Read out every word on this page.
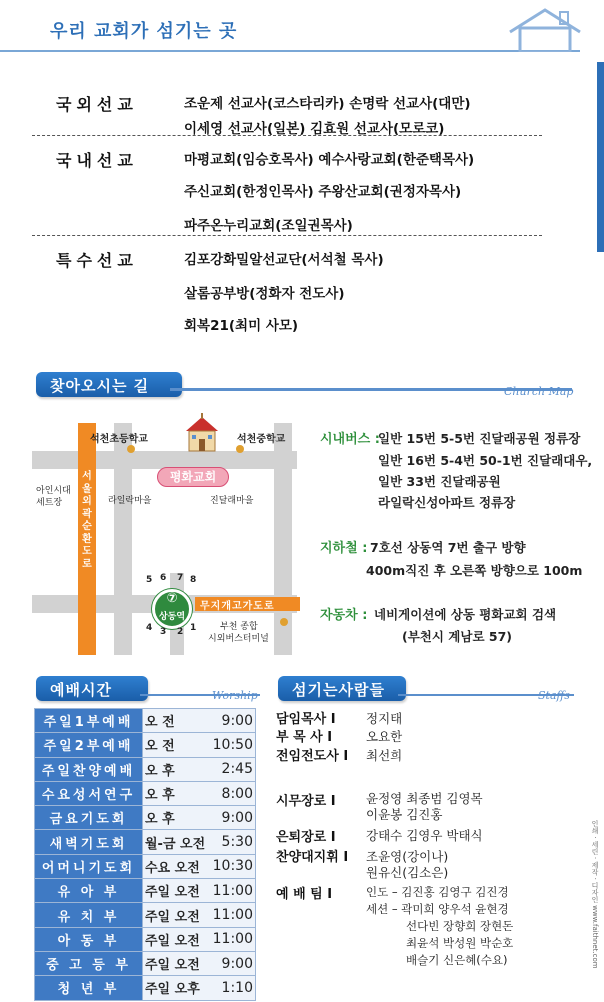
우리 교회가 섬기는 곳
국외선교	조운제 선교사(코스타리카) 손명락 선교사(대만)
이세영 선교사(일본) 김효원 선교사(모로코)
국내선교	마평교회(임승호목사) 예수사랑교회(한준택목사)
주신교회(한정인목사) 주왕산교회(권정자목사)
파주온누리교회(조일권목사)
특수선교	김포강화밀알선교단(서석철 목사)
살롬공부방(정화자 전도사)
회복21(최미 사모)
찾아오시는 길	Church Map
서울외곽순환도로
무지개고가도로
평화교회
석천초등학교	석천중학교
아인시대
세트장	라일락마을	진달래마을
⑦
상동역
5 6 7 8
4 3 2 1	부천 종합
시외버스터미널
시내버스 :
일반 15번 5-5번 진달래공원 정류장
일반 16번 5-4번 50-1번 진달래대우,
일반 33번 진달래공원
라일락신성아파트 정류장
지하철 : 7호선 상동역 7번 출구 방향
400m직진 후 오른쪽 방향으로 100m
자동차 : 네비게이션에 상동 평화교회 검색
(부천시 계남로 57)
예배시간	Worship
주일1부예배	오 전 9:00

주일2부예배	오 전 10:50

주일찬양예배	오 후 2:45

수요성서연구	오 후 8:00

금요기도회	오 후 9:00

새벽기도회	월-금 오전 5:30

어머니기도회	수요 오전 10:30

유 아 부	주일 오전 11:00

유 치 부	주일 오전 11:00

아 동 부	주일 오전 11:00

중 고 등 부	주일 오전 9:00

청 년 부	주일 오후 1:10
섬기는사람들	Staffs
담임목사 I 정지태
부 목 사 I	오요한
전임전도사 I 최선희
시무장로 I 윤정영 최종범 김영목
이윤봉 김진홍
은퇴장로 I 강태수 김영우 박태식
찬양대지휘 I 조윤영(강이나)
원유신(김소은)
예 배 팀 I	인도 – 김진홍 김영구 김진경
세션 – 곽미희 양우석 윤현경
선다빈 장향희 장현돈
최윤석 박성원 박순호
배슬기 신은혜(수요)	인쇄 · 세린 · 제작 · 디자인 www.faithnet.com
